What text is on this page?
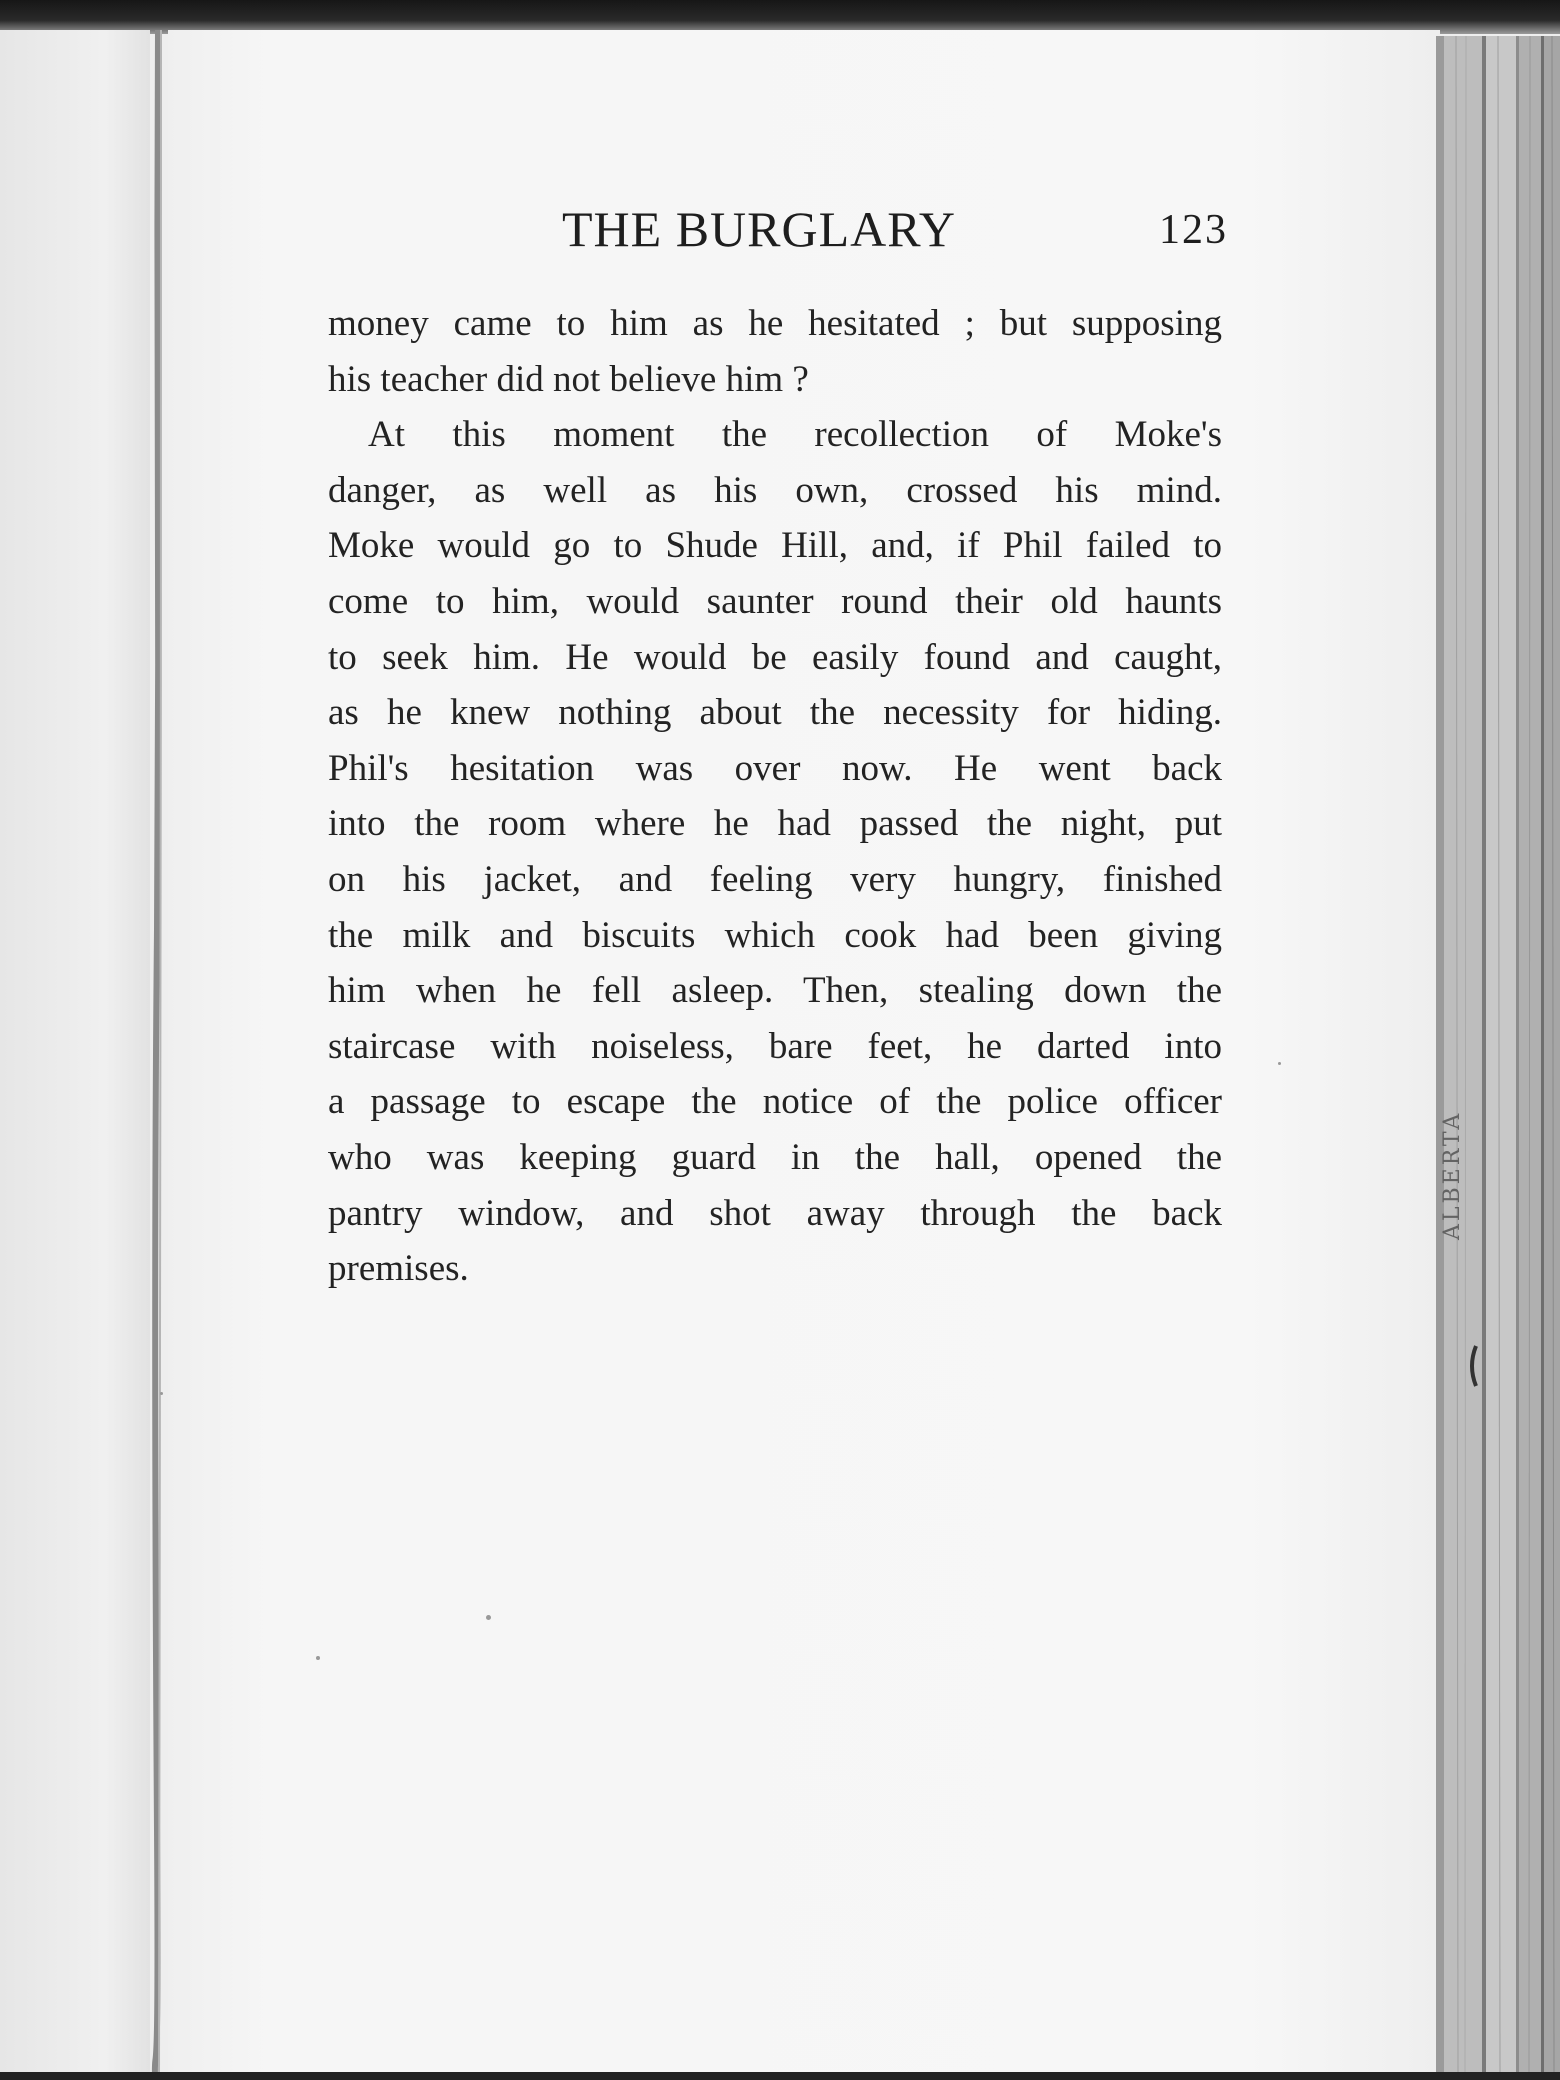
ALBERTA
THE BURGLARY	123
money came to him as he hesitated ; but supposing
his teacher did not believe him ?
At this moment the recollection of Moke's
danger, as well as his own, crossed his mind.
Moke would go to Shude Hill, and, if Phil failed to
come to him, would saunter round their old haunts
to seek him. He would be easily found and caught,
as he knew nothing about the necessity for hiding.
Phil's hesitation was over now. He went back
into the room where he had passed the night, put
on his jacket, and feeling very hungry, finished
the milk and biscuits which cook had been giving
him when he fell asleep. Then, stealing down the
staircase with noiseless, bare feet, he darted into
a passage to escape the notice of the police officer
who was keeping guard in the hall, opened the
pantry window, and shot away through the back
premises.
